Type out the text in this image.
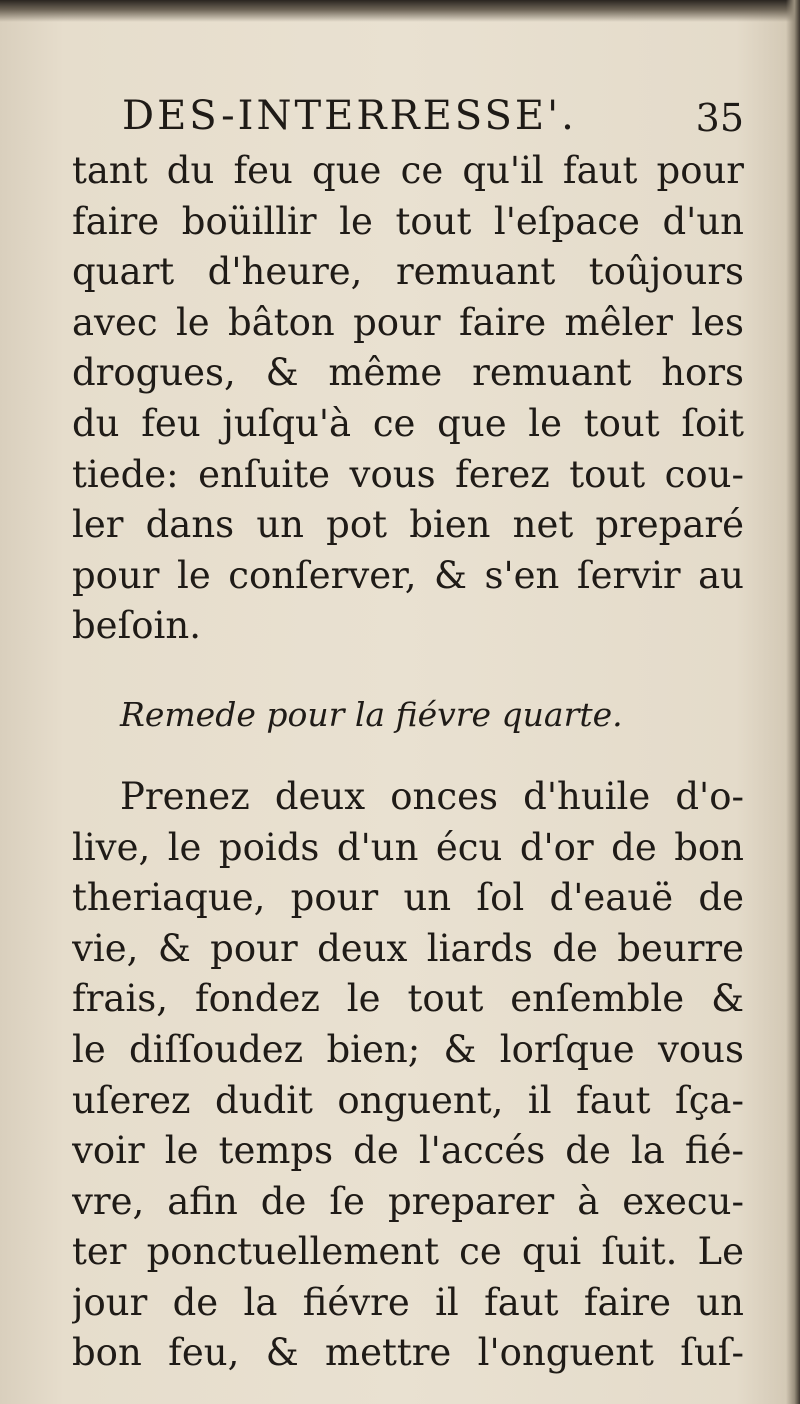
DES-INTERRESSE'.	35
tant du feu que ce qu'il faut pour
faire boüillir le tout l'eſpace d'un
quart d'heure, remuant toûjours
avec le bâton pour faire mêler les
drogues, & même remuant hors
du feu juſqu'à ce que le tout ſoit
tiede: enſuite vous ferez tout cou-
ler dans un pot bien net preparé
pour le conſerver, & s'en ſervir au
beſoin.
Remede pour la fiévre quarte.
Prenez deux onces d'huile d'o-
live, le poids d'un écu d'or de bon
theriaque, pour un ſol d'eauë de
vie, & pour deux liards de beurre
frais, fondez le tout enſemble &
le diſſoudez bien; & lorſque vous
uſerez dudit onguent, il faut ſça-
voir le temps de l'accés de la fié-
vre, afin de ſe preparer à execu-
ter ponctuellement ce qui ſuit. Le
jour de la fiévre il faut faire un
bon feu, & mettre l'onguent ſuſ-
